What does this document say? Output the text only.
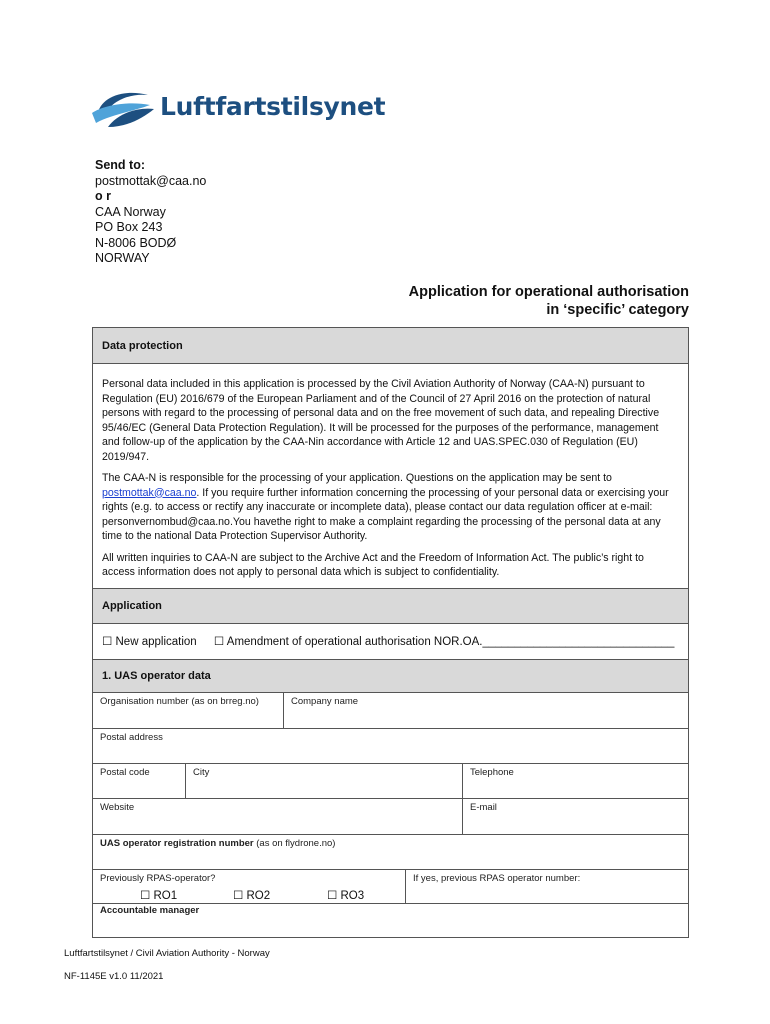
Luftfartstilsynet
Send to:
postmottak@caa.no
o r
CAA Norway
PO Box 243
N-8006 BODØ
NORWAY
Application for operational authorisation
in ‘specific’ category
Data protection

Personal data included in this application is processed by the Civil Aviation Authority of Norway (CAA-N) pursuant to Regulation (EU) 2016/679 of the European Parliament and of the Council of 27 April 2016 on the protection of natural persons with regard to the processing of personal data and on the free movement of such data, and repealing Directive 95/46/EC (General Data Protection Regulation). It will be processed for the purposes of the performance, management and follow-up of the application by the CAA-Nin accordance with Article 12 and UAS.SPEC.030 of Regulation (EU) 2019/947.

The CAA-N is responsible for the processing of your application. Questions on the application may be sent to postmottak@caa.no. If you require further information concerning the processing of your personal data or exercising your rights (e.g. to access or rectify any inaccurate or incomplete data), please contact our data regulation officer at e-mail: personvernombud@caa.no.You havethe right to make a complaint regarding the processing of the personal data at any time to the national Data Protection Supervisor Authority.

All written inquiries to CAA-N are subject to the Archive Act and the Freedom of Information Act. The public’s right to access information does not apply to personal data which is subject to confidentiality.

Application
☐ New application ☐ Amendment of operational authorisation NOR.OA.______________________________
1. UAS operator data
Organisation number (as on brreg.no)	Company name
Postal address
Postal code	City	Telephone
Website	E-mail
UAS operator registration number (as on flydrone.no)
Previously RPAS-operator?
☐ RO1	☐ RO2	☐ RO3
If yes, previous RPAS operator number:
Accountable manager
Luftfartstilsynet / Civil Aviation Authority - Norway
NF-1145E v1.0 11/2021
